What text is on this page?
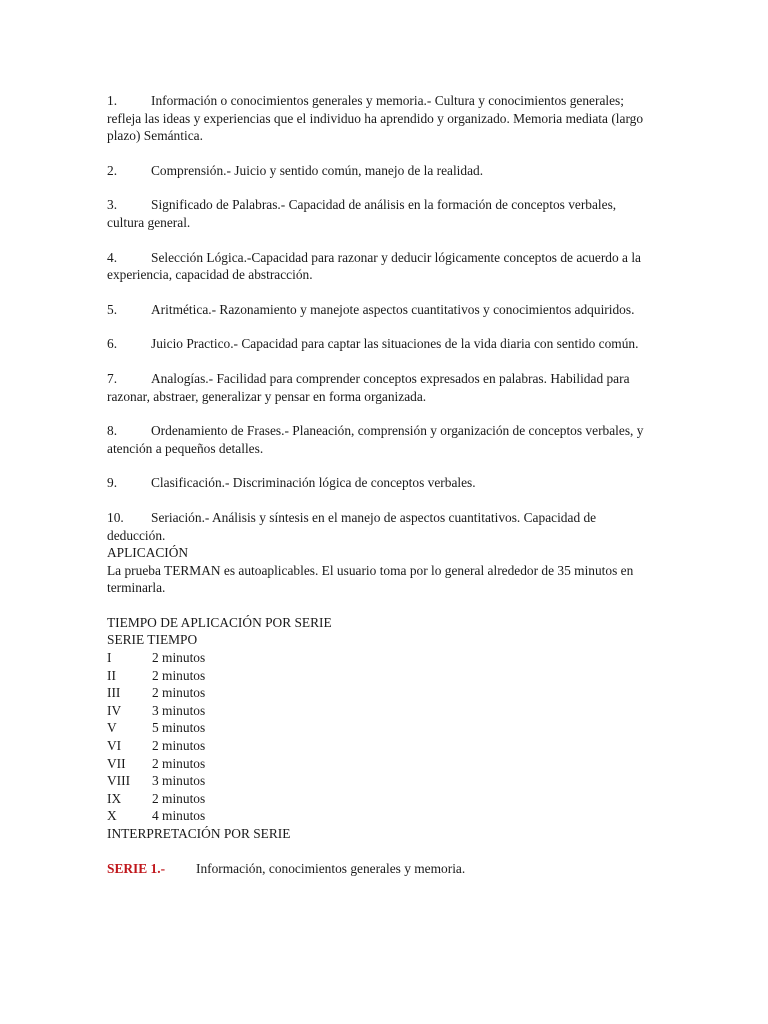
1.	Información o conocimientos generales y memoria.- Cultura y conocimientos generales; refleja las ideas y experiencias que el individuo ha aprendido y organizado. Memoria mediata (largo plazo) Semántica.
2.	Comprensión.- Juicio y sentido común, manejo de la realidad.
3.	Significado de Palabras.- Capacidad de análisis en la formación de conceptos verbales, cultura general.
4.	Selección Lógica.-Capacidad para razonar y deducir lógicamente conceptos de acuerdo a la experiencia, capacidad de abstracción.
5.	Aritmética.- Razonamiento y manejote aspectos cuantitativos y conocimientos adquiridos.
6.	Juicio Practico.- Capacidad para captar las situaciones de la vida diaria con sentido común.
7.	Analogías.- Facilidad para comprender conceptos expresados en palabras. Habilidad para razonar, abstraer, generalizar y pensar en forma organizada.
8.	Ordenamiento de Frases.- Planeación, comprensión y organización de conceptos verbales, y atención a pequeños detalles.
9.	Clasificación.- Discriminación lógica de conceptos verbales.
10. Seriación.- Análisis y síntesis en el manejo de aspectos cuantitativos. Capacidad de deducción.
APLICACIÓN
La prueba TERMAN es autoaplicables. El usuario toma por lo general alrededor de 35 minutos en terminarla.
TIEMPO DE APLICACIÓN POR SERIE
SERIE TIEMPO
I	2 minutos
II	2 minutos
III	2 minutos
IV	3 minutos
V	5 minutos
VI	2 minutos
VII	2 minutos
VIII	3 minutos
IX	2 minutos
X	4 minutos
INTERPRETACIÓN POR SERIE
SERIE 1.-	Información, conocimientos generales y memoria.
